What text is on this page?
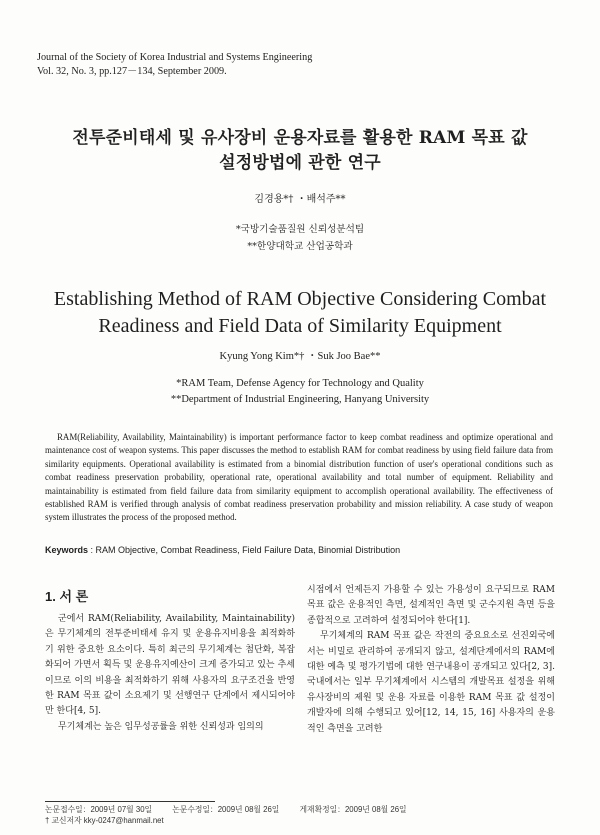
Journal of the Society of Korea Industrial and Systems Engineering
Vol. 32, No. 3, pp.127－134, September 2009.
전투준비태세 및 유사장비 운용자료를 활용한 RAM 목표 값
설정방법에 관한 연구
김경용*† ・배석주**
*국방기술품질원 신뢰성분석팀
**한양대학교 산업공학과
Establishing Method of RAM Objective Considering Combat
Readiness and Field Data of Similarity Equipment
Kyung Yong Kim*† ・Suk Joo Bae**
*RAM Team, Defense Agency for Technology and Quality
**Department of Industrial Engineering, Hanyang University
RAM(Reliability, Availability, Maintainability) is important performance factor to keep combat readiness and optimize operational and maintenance cost of weapon systems. This paper discusses the method to establish RAM for combat readiness by using field failure data from similarity equipments. Operational availability is estimated from a binomial distribution function of user's operational conditions such as combat readiness preservation probability, operational rate, operational availability and total number of equipment. Reliability and maintainability is estimated from field failure data from similarity equipment to accomplish operational availability. The effectiveness of established RAM is verified through analysis of combat readiness preservation probability and mission reliability. A case study of weapon system illustrates the process of the proposed method.
Keywords : RAM Objective, Combat Readiness, Field Failure Data, Binomial Distribution
1. 서 론

군에서 RAM(Reliability, Availability, Maintainability)은 무기체계의 전투준비태세 유지 및 운용유지비용을 최적화하기 위한 중요한 요소이다. 특히 최근의 무기체계는 첨단화, 복잡화되어 가면서 획득 및 운용유지예산이 크게 증가되고 있는 추세이므로 이의 비용을 최적화하기 위해 사용자의 요구조건을 반영한 RAM 목표 값이 소요제기 및 선행연구 단계에서 제시되어야만 한다[4, 5].

무기체계는 높은 임무성공률을 위한 신뢰성과 임의의

시점에서 언제든지 가용할 수 있는 가용성이 요구되므로 RAM 목표 값은 운용적인 측면, 설계적인 측면 및 군수지원 측면 등을 종합적으로 고려하여 설정되어야 한다[1].

무기체계의 RAM 목표 값은 작전의 중요요소로 선진외국에서는 비밀로 관리하여 공개되지 않고, 설계단계에서의 RAM에 대한 예측 및 평가기법에 대한 연구내용이 공개되고 있다[2, 3]. 국내에서는 일부 무기체계에서 시스템의 개발목표 설정을 위해 유사장비의 제원 및 운용 자료를 이용한 RAM 목표 값 설정이 개발자에 의해 수행되고 있어[12, 14, 15, 16] 사용자의 운용적인 측면을 고려한

논문접수일：2009년 07월 30일	논문수정일：2009년 08월 26일	게재확정일：2009년 08월 26일
† 교신저자 kky-0247@hanmail.net
